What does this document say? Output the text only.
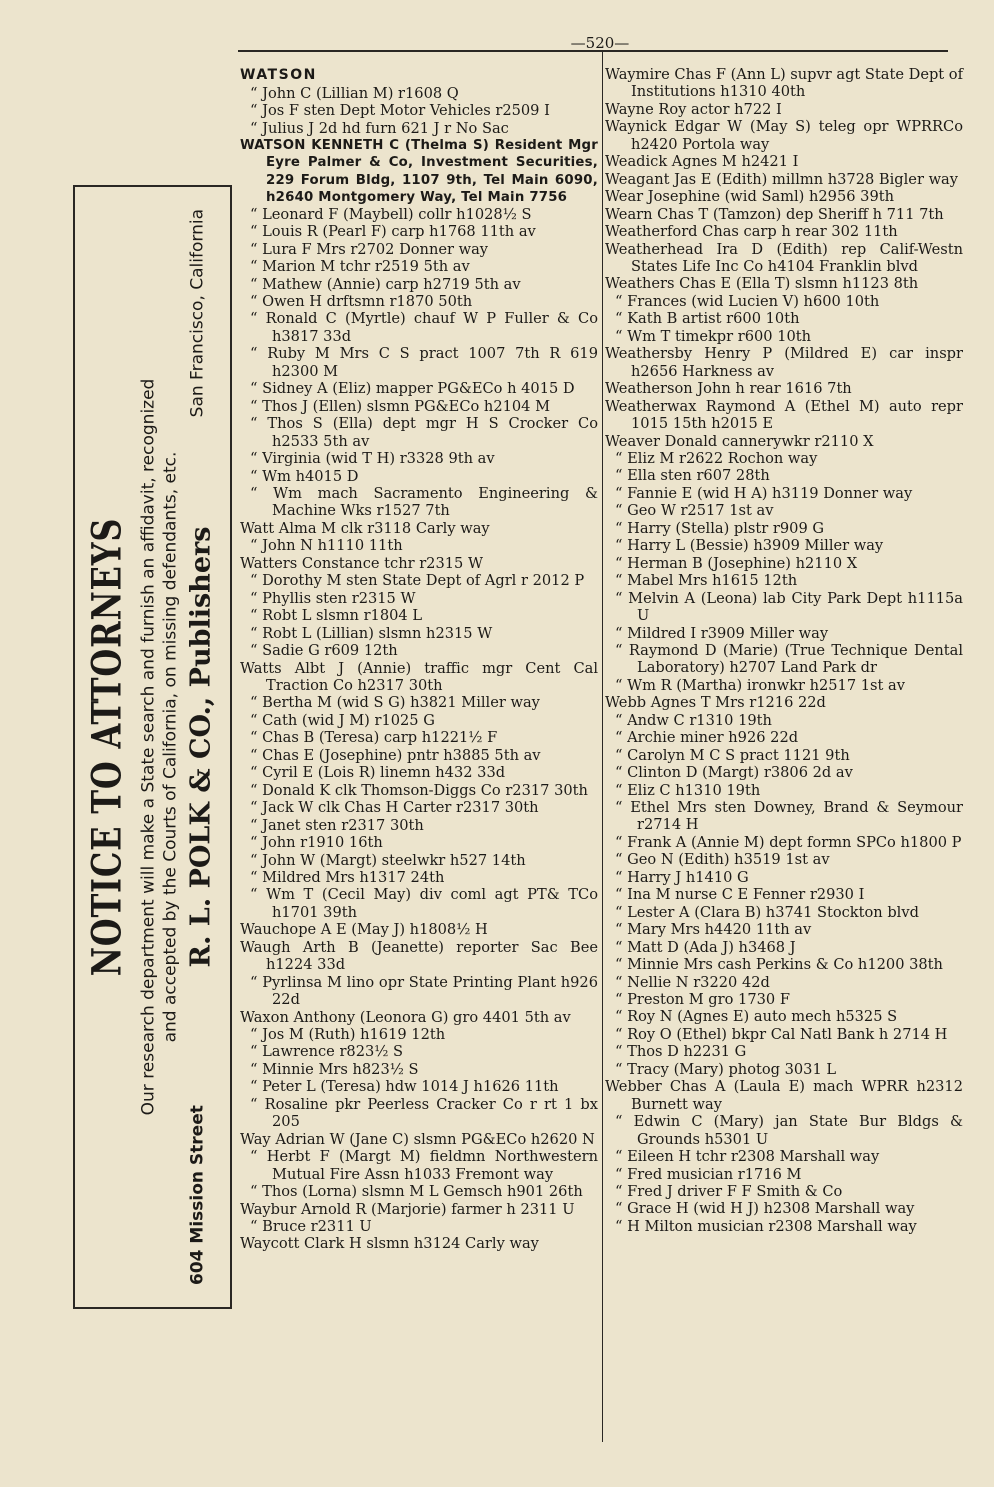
—520—
NOTICE TO ATTORNEYS Our research department will make a State search and furnish an affidavit, recognized and accepted by the Courts of California, on missing defendants, etc.
604 Mission Street
R. L. POLK & CO., Publishers
San Francisco, California
WATSON
“ John C (Lillian M) r1608 Q
“ Jos F sten Dept Motor Vehicles r2509 I
“ Julius J 2d hd furn 621 J r No Sac
WATSON KENNETH C (Thelma S) Resident Mgr Eyre Palmer & Co, Investment Securities, 229 Forum Bldg, 1107 9th, Tel Main 6090, h2640 Montgomery Way, Tel Main 7756
“ Leonard F (Maybell) collr h1028½ S
“ Louis R (Pearl F) carp h1768 11th av
“ Lura F Mrs r2702 Donner way
“ Marion M tchr r2519 5th av
“ Mathew (Annie) carp h2719 5th av
“ Owen H drftsmn r1870 50th
“ Ronald C (Myrtle) chauf W P Fuller & Co h3817 33d
“ Ruby M Mrs C S pract 1007 7th R 619 h2300 M
“ Sidney A (Eliz) mapper PG&ECo h 4015 D
“ Thos J (Ellen) slsmn PG&ECo h2104 M
“ Thos S (Ella) dept mgr H S Crocker Co h2533 5th av
“ Virginia (wid T H) r3328 9th av
“ Wm h4015 D
“ Wm mach Sacramento Engineering & Machine Wks r1527 7th
Watt Alma M clk r3118 Carly way
“ John N h1110 11th
Watters Constance tchr r2315 W
“ Dorothy M sten State Dept of Agrl r 2012 P
“ Phyllis sten r2315 W
“ Robt L slsmn r1804 L
“ Robt L (Lillian) slsmn h2315 W
“ Sadie G r609 12th
Watts Albt J (Annie) traffic mgr Cent Cal Traction Co h2317 30th
“ Bertha M (wid S G) h3821 Miller way
“ Cath (wid J M) r1025 G
“ Chas B (Teresa) carp h1221½ F
“ Chas E (Josephine) pntr h3885 5th av
“ Cyril E (Lois R) linemn h432 33d
“ Donald K clk Thomson-Diggs Co r2317 30th
“ Jack W clk Chas H Carter r2317 30th
“ Janet sten r2317 30th
“ John r1910 16th
“ John W (Margt) steelwkr h527 14th
“ Mildred Mrs h1317 24th
“ Wm T (Cecil May) div coml agt PT& TCo h1701 39th
Wauchope A E (May J) h1808½ H
Waugh Arth B (Jeanette) reporter Sac Bee h1224 33d
“ Pyrlinsa M lino opr State Printing Plant h926 22d
Waxon Anthony (Leonora G) gro 4401 5th av
“ Jos M (Ruth) h1619 12th
“ Lawrence r823½ S
“ Minnie Mrs h823½ S
“ Peter L (Teresa) hdw 1014 J h1626 11th
“ Rosaline pkr Peerless Cracker Co r rt 1 bx 205
Way Adrian W (Jane C) slsmn PG&ECo h2620 N
“ Herbt F (Margt M) fieldmn Northwestern Mutual Fire Assn h1033 Fremont way
“ Thos (Lorna) slsmn M L Gemsch h901 26th
Waybur Arnold R (Marjorie) farmer h 2311 U
“ Bruce r2311 U
Waycott Clark H slsmn h3124 Carly way
Waymire Chas F (Ann L) supvr agt State Dept of Institutions h1310 40th
Wayne Roy actor h722 I
Waynick Edgar W (May S) teleg opr WPRRCo h2420 Portola way
Weadick Agnes M h2421 I
Weagant Jas E (Edith) millmn h3728 Bigler way
Wear Josephine (wid Saml) h2956 39th
Wearn Chas T (Tamzon) dep Sheriff h 711 7th
Weatherford Chas carp h rear 302 11th
Weatherhead Ira D (Edith) rep Calif-Westn States Life Inc Co h4104 Franklin blvd
Weathers Chas E (Ella T) slsmn h1123 8th
“ Frances (wid Lucien V) h600 10th
“ Kath B artist r600 10th
“ Wm T timekpr r600 10th
Weathersby Henry P (Mildred E) car inspr h2656 Harkness av
Weatherson John h rear 1616 7th
Weatherwax Raymond A (Ethel M) auto repr 1015 15th h2015 E
Weaver Donald cannerywkr r2110 X
“ Eliz M r2622 Rochon way
“ Ella sten r607 28th
“ Fannie E (wid H A) h3119 Donner way
“ Geo W r2517 1st av
“ Harry (Stella) plstr r909 G
“ Harry L (Bessie) h3909 Miller way
“ Herman B (Josephine) h2110 X
“ Mabel Mrs h1615 12th
“ Melvin A (Leona) lab City Park Dept h1115a U
“ Mildred I r3909 Miller way
“ Raymond D (Marie) (True Technique Dental Laboratory) h2707 Land Park dr
“ Wm R (Martha) ironwkr h2517 1st av
Webb Agnes T Mrs r1216 22d
“ Andw C r1310 19th
“ Archie miner h926 22d
“ Carolyn M C S pract 1121 9th
“ Clinton D (Margt) r3806 2d av
“ Eliz C h1310 19th
“ Ethel Mrs sten Downey, Brand & Seymour r2714 H
“ Frank A (Annie M) dept formn SPCo h1800 P
“ Geo N (Edith) h3519 1st av
“ Harry J h1410 G
“ Ina M nurse C E Fenner r2930 I
“ Lester A (Clara B) h3741 Stockton blvd
“ Mary Mrs h4420 11th av
“ Matt D (Ada J) h3468 J
“ Minnie Mrs cash Perkins & Co h1200 38th
“ Nellie N r3220 42d
“ Preston M gro 1730 F
“ Roy N (Agnes E) auto mech h5325 S
“ Roy O (Ethel) bkpr Cal Natl Bank h 2714 H
“ Thos D h2231 G
“ Tracy (Mary) photog 3031 L
Webber Chas A (Laula E) mach WPRR h2312 Burnett way
“ Edwin C (Mary) jan State Bur Bldgs & Grounds h5301 U
“ Eileen H tchr r2308 Marshall way
“ Fred musician r1716 M
“ Fred J driver F F Smith & Co
“ Grace H (wid H J) h2308 Marshall way
“ H Milton musician r2308 Marshall way
